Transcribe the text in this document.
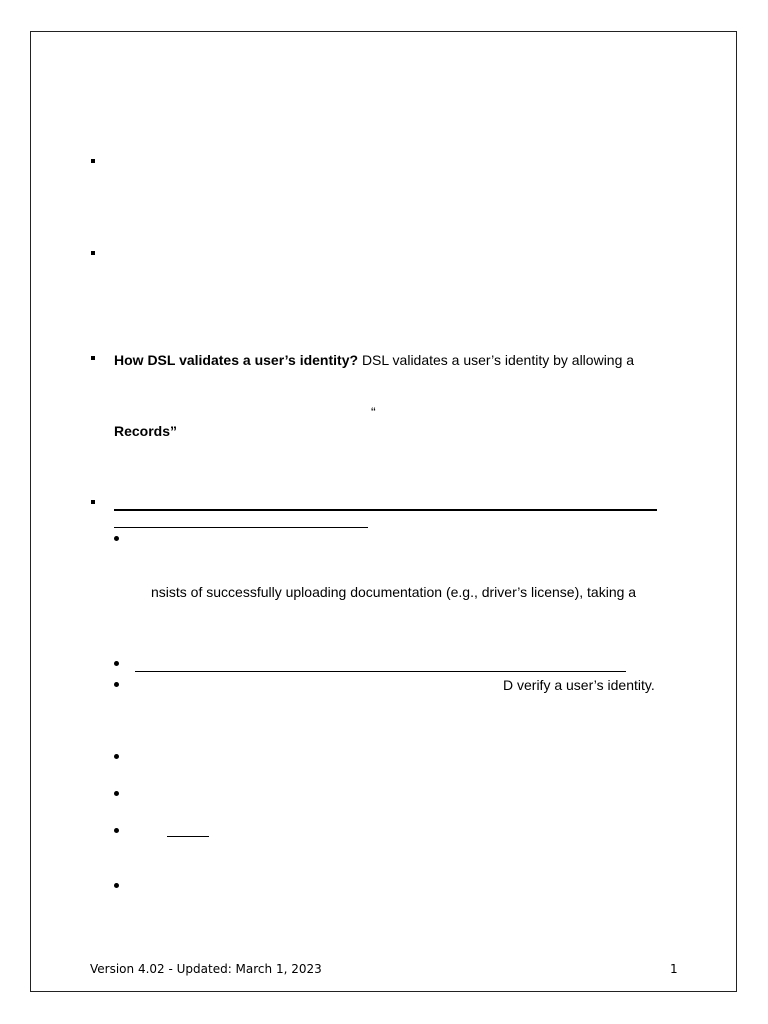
How DSL validates a user’s identity? DSL validates a user’s identity by allowing a
“
Records”
nsists of successfully uploading documentation (e.g., driver’s license), taking a
D verify a user’s identity.
Version 4.02 - Updated: March 1, 2023	1
